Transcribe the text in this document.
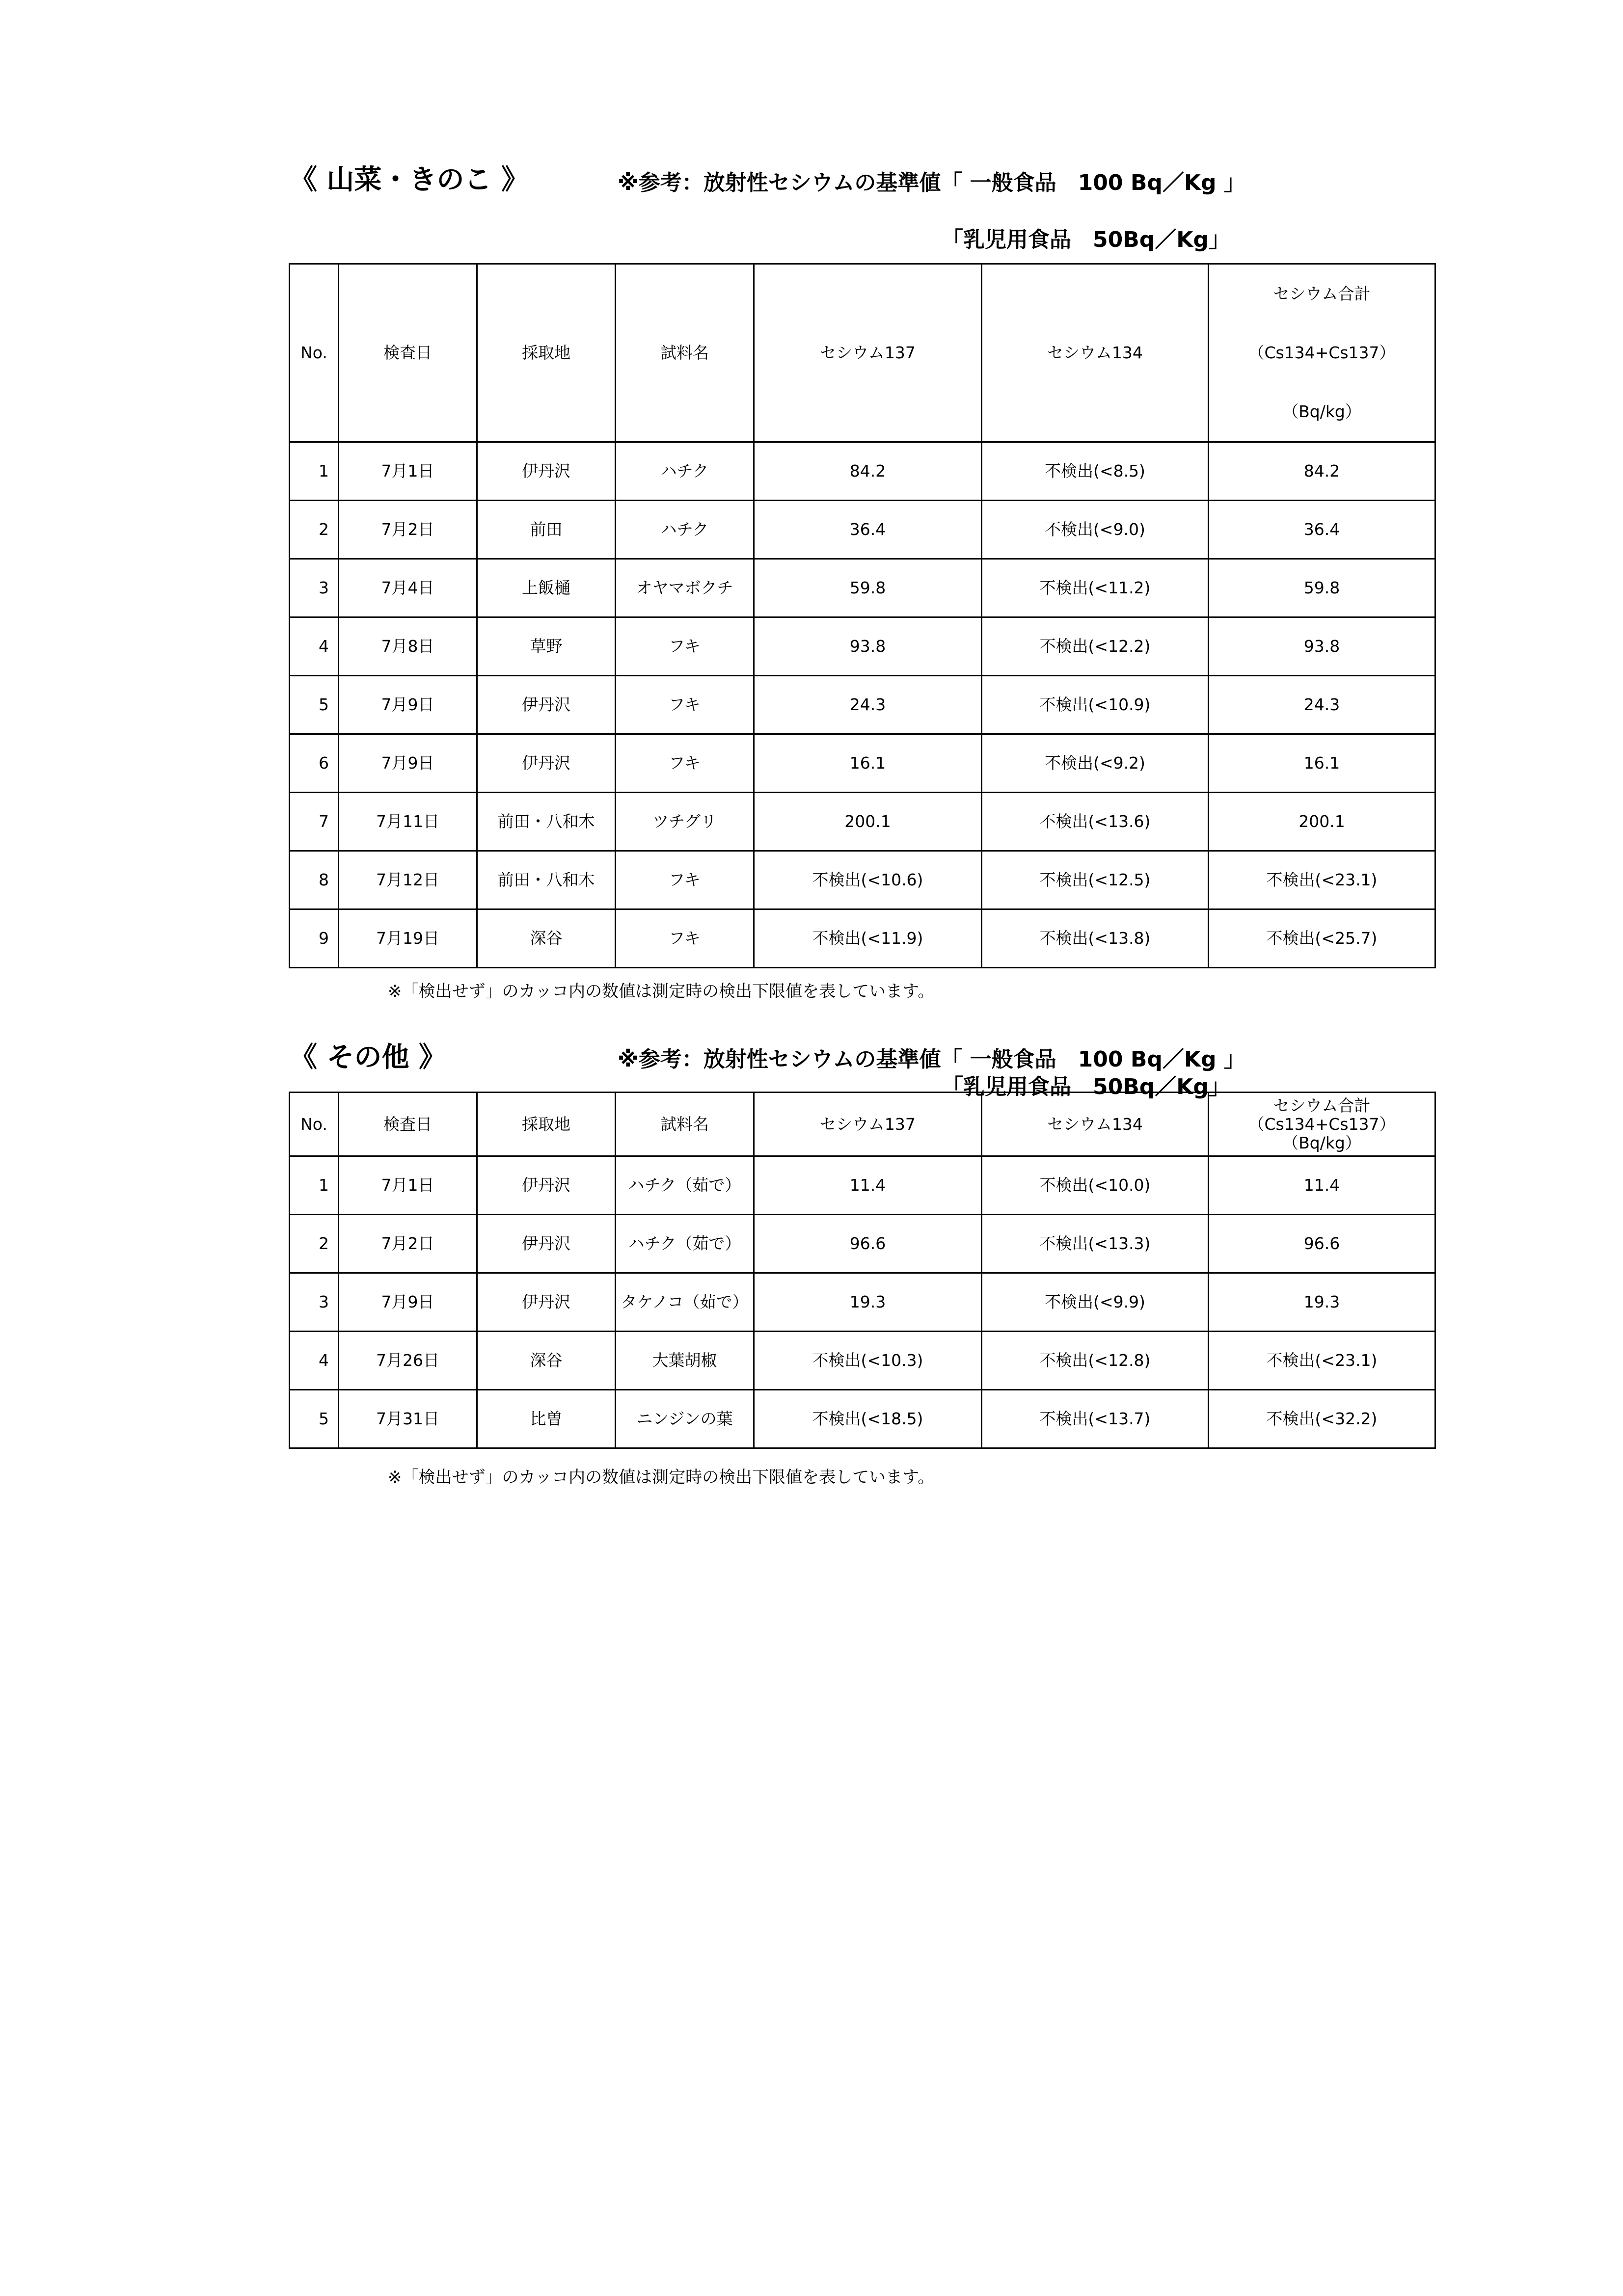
《 山菜・きのこ 》	※参考：放射性セシウムの基準値「 一般食品　100 Bq／Kg 」
「乳児用食品　50Bq／Kg」
No.	検査日	採取地	試料名	セシウム137	セシウム134	セシウム合計
（Cs134+Cs137）
（Bq/kg）

1	7月1日	伊丹沢	ハチク	84.2	不検出(<8.5)	84.2
2	7月2日	前田	ハチク	36.4	不検出(<9.0)	36.4
3	7月4日	上飯樋	オヤマボクチ	59.8	不検出(<11.2)	59.8
4	7月8日	草野	フキ	93.8	不検出(<12.2)	93.8
5	7月9日	伊丹沢	フキ	24.3	不検出(<10.9)	24.3
6	7月9日	伊丹沢	フキ	16.1	不検出(<9.2)	16.1
7	7月11日	前田・八和木	ツチグリ	200.1	不検出(<13.6)	200.1
8	7月12日	前田・八和木	フキ	不検出(<10.6)	不検出(<12.5)	不検出(<23.1)
9	7月19日	深谷	フキ	不検出(<11.9)	不検出(<13.8)	不検出(<25.7)
※「検出せず」のカッコ内の数値は測定時の検出下限値を表しています。
《 その他 》	※参考：放射性セシウムの基準値「 一般食品　100 Bq／Kg 」
「乳児用食品　50Bq／Kg」
No.	検査日	採取地	試料名	セシウム137	セシウム134	セシウム合計
（Cs134+Cs137）
（Bq/kg）

1	7月1日	伊丹沢	ハチク（茹で）	11.4	不検出(<10.0)	11.4
2	7月2日	伊丹沢	ハチク（茹で）	96.6	不検出(<13.3)	96.6
3	7月9日	伊丹沢	タケノコ（茹で）	19.3	不検出(<9.9)	19.3
4	7月26日	深谷	大葉胡椒	不検出(<10.3)	不検出(<12.8)	不検出(<23.1)
5	7月31日	比曽	ニンジンの葉	不検出(<18.5)	不検出(<13.7)	不検出(<32.2)
※「検出せず」のカッコ内の数値は測定時の検出下限値を表しています。
